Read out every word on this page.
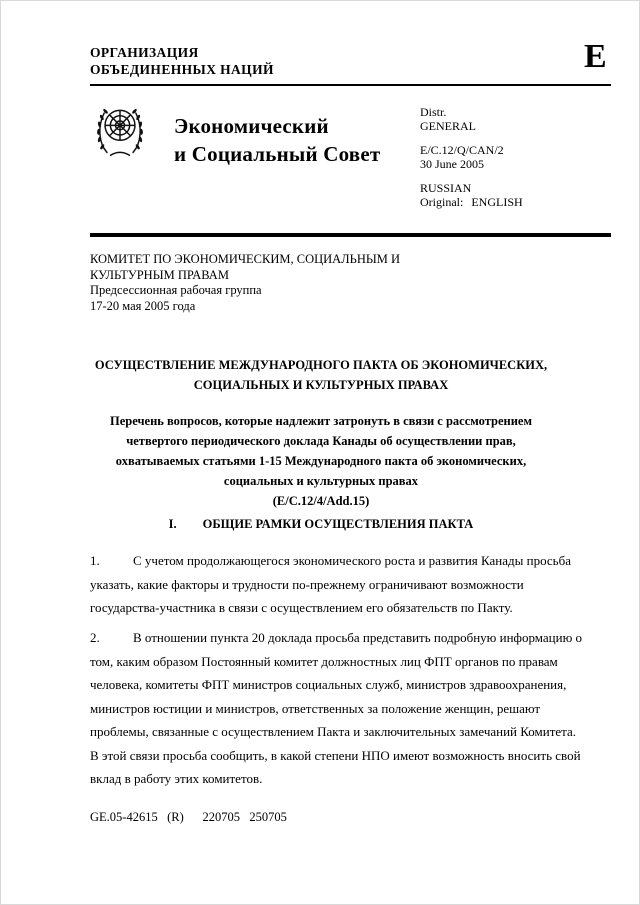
ОРГАНИЗАЦИЯ
ОБЪЕДИНЕННЫХ НАЦИЙ	E
Экономический
и Социальный Совет
Distr.
GENERAL
E/C.12/Q/CAN/2
30 June 2005
RUSSIAN
Original: ENGLISH
КОМИТЕТ ПО ЭКОНОМИЧЕСКИМ, СОЦИАЛЬНЫМ И
КУЛЬТУРНЫМ ПРАВАМ
Предсессионная рабочая группа
17-20 мая 2005 года
ОСУЩЕСТВЛЕНИЕ МЕЖДУНАРОДНОГО ПАКТА ОБ ЭКОНОМИЧЕСКИХ, СОЦИАЛЬНЫХ И КУЛЬТУРНЫХ ПРАВАХ
Перечень вопросов, которые надлежит затронуть в связи с рассмотрением четвертого периодического доклада Канады об осуществлении прав, охватываемых статьями 1-15 Международного пакта об экономических, социальных и культурных правах
(E/C.12/4/Add.15)
I. ОБЩИЕ РАМКИ ОСУЩЕСТВЛЕНИЯ ПАКТА
1.	С учетом продолжающегося экономического роста и развития Канады просьба указать, какие факторы и трудности по-прежнему ограничивают возможности государства-участника в связи с осуществлением его обязательств по Пакту.
2.	В отношении пункта 20 доклада просьба представить подробную информацию о том, каким образом Постоянный комитет должностных лиц ФПТ органов по правам человека, комитеты ФПТ министров социальных служб, министров здравоохранения, министров юстиции и министров, ответственных за положение женщин, решают проблемы, связанные с осуществлением Пакта и заключительных замечаний Комитета. В этой связи просьба сообщить, в какой степени НПО имеют возможность вносить свой вклад в работу этих комитетов.
GE.05-42615   (R)      220705   250705
